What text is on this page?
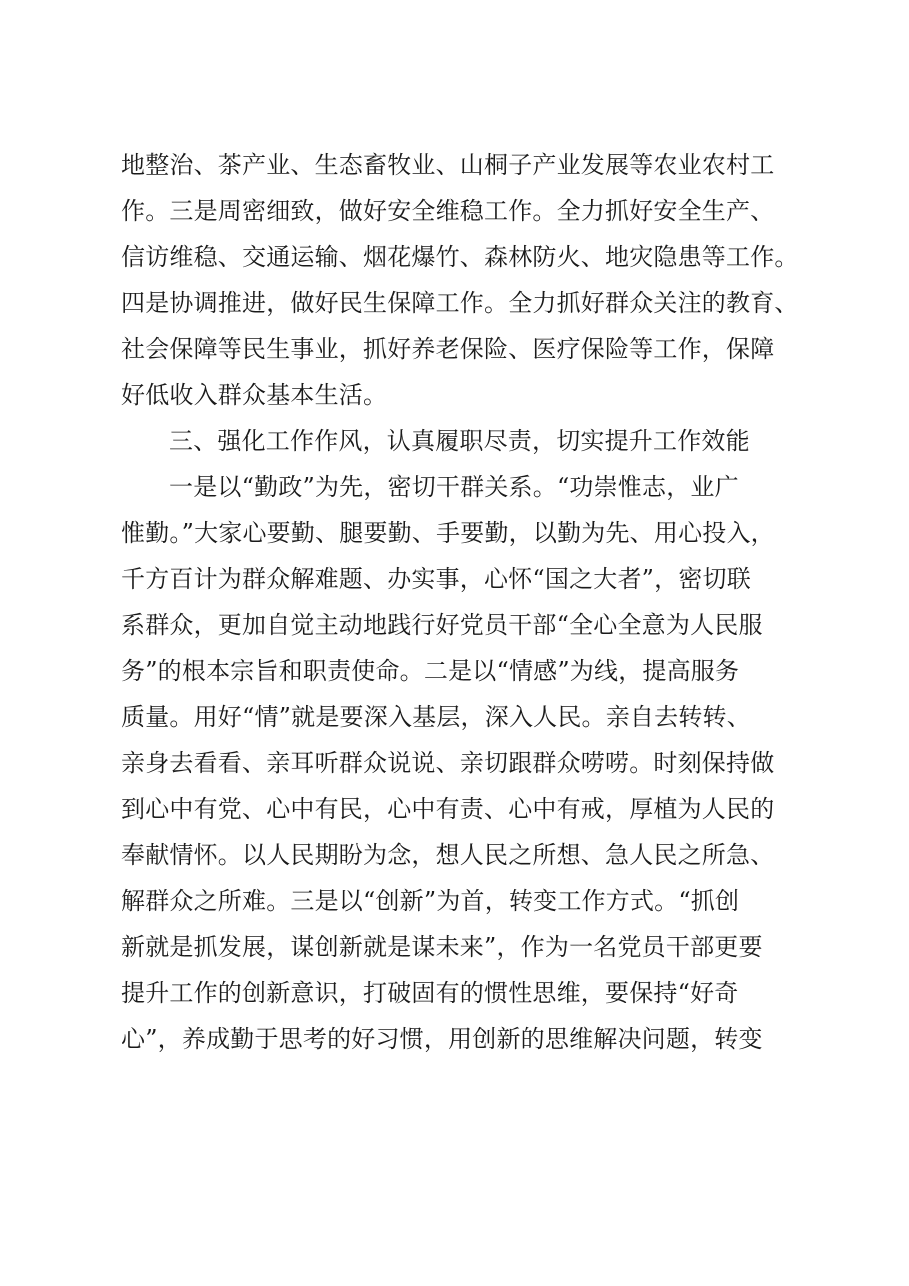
地整治、茶产业、生态畜牧业、山桐子产业发展等农业农村工
作。三是周密细致，做好安全维稳工作。全力抓好安全生产、
信访维稳、交通运输、烟花爆竹、森林防火、地灾隐患等工作。
四是协调推进，做好民生保障工作。全力抓好群众关注的教育、
社会保障等民生事业，抓好养老保险、医疗保险等工作，保障
好低收入群众基本生活。
三、强化工作作风，认真履职尽责，切实提升工作效能
一是以“勤政”为先，密切干群关系。“功崇惟志，业广
惟勤。”大家心要勤、腿要勤、手要勤，以勤为先、用心投入，
千方百计为群众解难题、办实事，心怀“国之大者”，密切联
系群众，更加自觉主动地践行好党员干部“全心全意为人民服
务”的根本宗旨和职责使命。二是以“情感”为线，提高服务
质量。用好“情”就是要深入基层，深入人民。亲自去转转、
亲身去看看、亲耳听群众说说、亲切跟群众唠唠。时刻保持做
到心中有党、心中有民，心中有责、心中有戒，厚植为人民的
奉献情怀。以人民期盼为念，想人民之所想、急人民之所急、
解群众之所难。三是以“创新”为首，转变工作方式。“抓创
新就是抓发展，谋创新就是谋未来”，作为一名党员干部更要
提升工作的创新意识，打破固有的惯性思维，要保持“好奇
心”，养成勤于思考的好习惯，用创新的思维解决问题，转变
